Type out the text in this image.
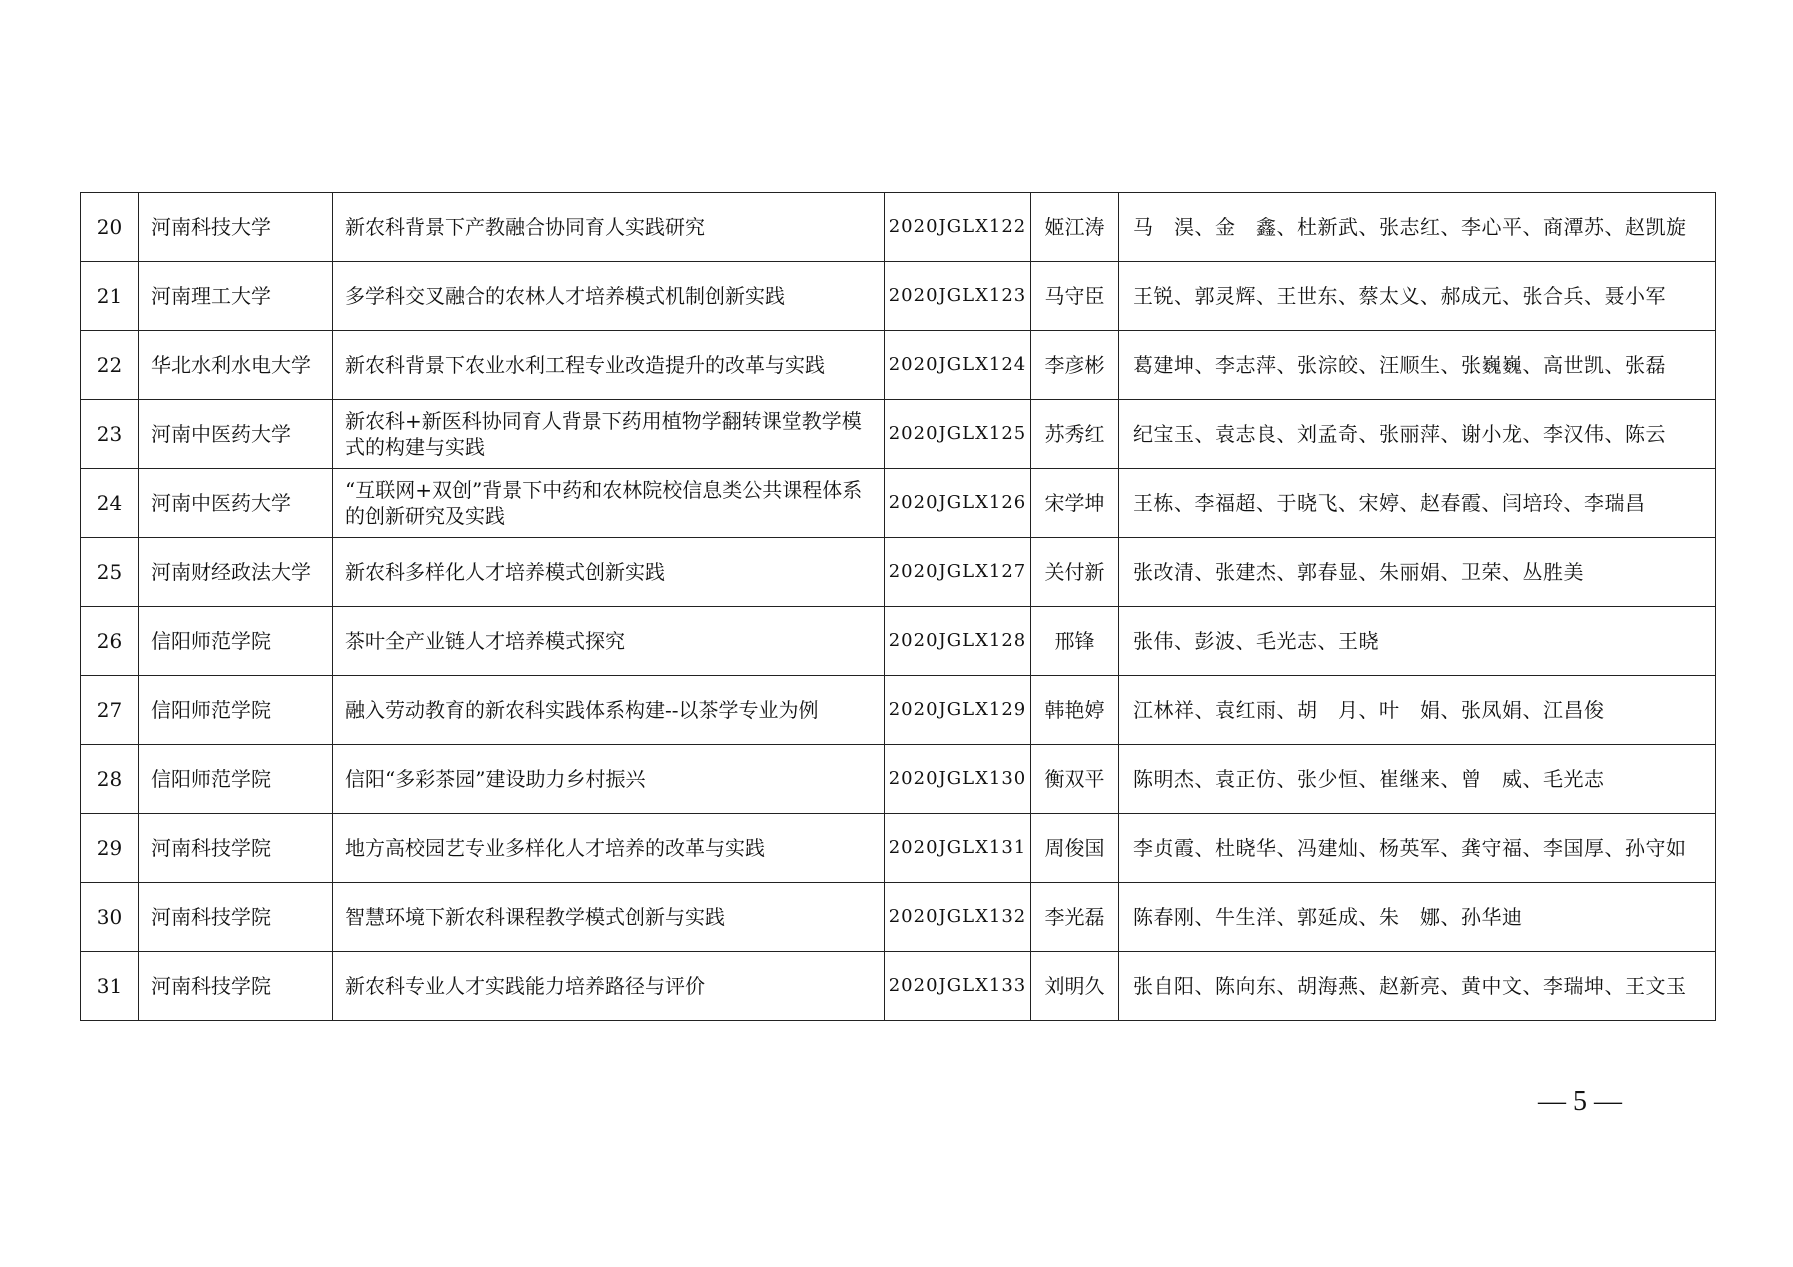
20	河南科技大学	新农科背景下产教融合协同育人实践研究	2020JGLX122	姬江涛	马　淏、金　鑫、杜新武、张志红、李心平、商潭苏、赵凯旋
21	河南理工大学	多学科交叉融合的农林人才培养模式机制创新实践	2020JGLX123	马守臣	王锐、郭灵辉、王世东、蔡太义、郝成元、张合兵、聂小军
22	华北水利水电大学	新农科背景下农业水利工程专业改造提升的改革与实践	2020JGLX124	李彦彬	葛建坤、李志萍、张淙皎、汪顺生、张巍巍、高世凯、张磊
23	河南中医药大学	新农科+新医科协同育人背景下药用植物学翻转课堂教学模式的构建与实践	2020JGLX125	苏秀红	纪宝玉、袁志良、刘孟奇、张丽萍、谢小龙、李汉伟、陈云
24	河南中医药大学	“互联网+双创”背景下中药和农林院校信息类公共课程体系的创新研究及实践	2020JGLX126	宋学坤	王栋、李福超、于晓飞、宋婷、赵春霞、闫培玲、李瑞昌
25	河南财经政法大学	新农科多样化人才培养模式创新实践	2020JGLX127	关付新	张改清、张建杰、郭春显、朱丽娟、卫荣、丛胜美
26	信阳师范学院	茶叶全产业链人才培养模式探究	2020JGLX128	邢锋	张伟、彭波、毛光志、王晓
27	信阳师范学院	融入劳动教育的新农科实践体系构建--以茶学专业为例	2020JGLX129	韩艳婷	江林祥、袁红雨、胡　月、叶　娟、张凤娟、江昌俊
28	信阳师范学院	信阳“多彩茶园”建设助力乡村振兴	2020JGLX130	衡双平	陈明杰、袁正仿、张少恒、崔继来、曾　威、毛光志
29	河南科技学院	地方高校园艺专业多样化人才培养的改革与实践	2020JGLX131	周俊国	李贞霞、杜晓华、冯建灿、杨英军、龚守福、李国厚、孙守如
30	河南科技学院	智慧环境下新农科课程教学模式创新与实践	2020JGLX132	李光磊	陈春刚、牛生洋、郭延成、朱　娜、孙华迪
31	河南科技学院	新农科专业人才实践能力培养路径与评价	2020JGLX133	刘明久	张自阳、陈向东、胡海燕、赵新亮、黄中文、李瑞坤、王文玉
— 5 —
